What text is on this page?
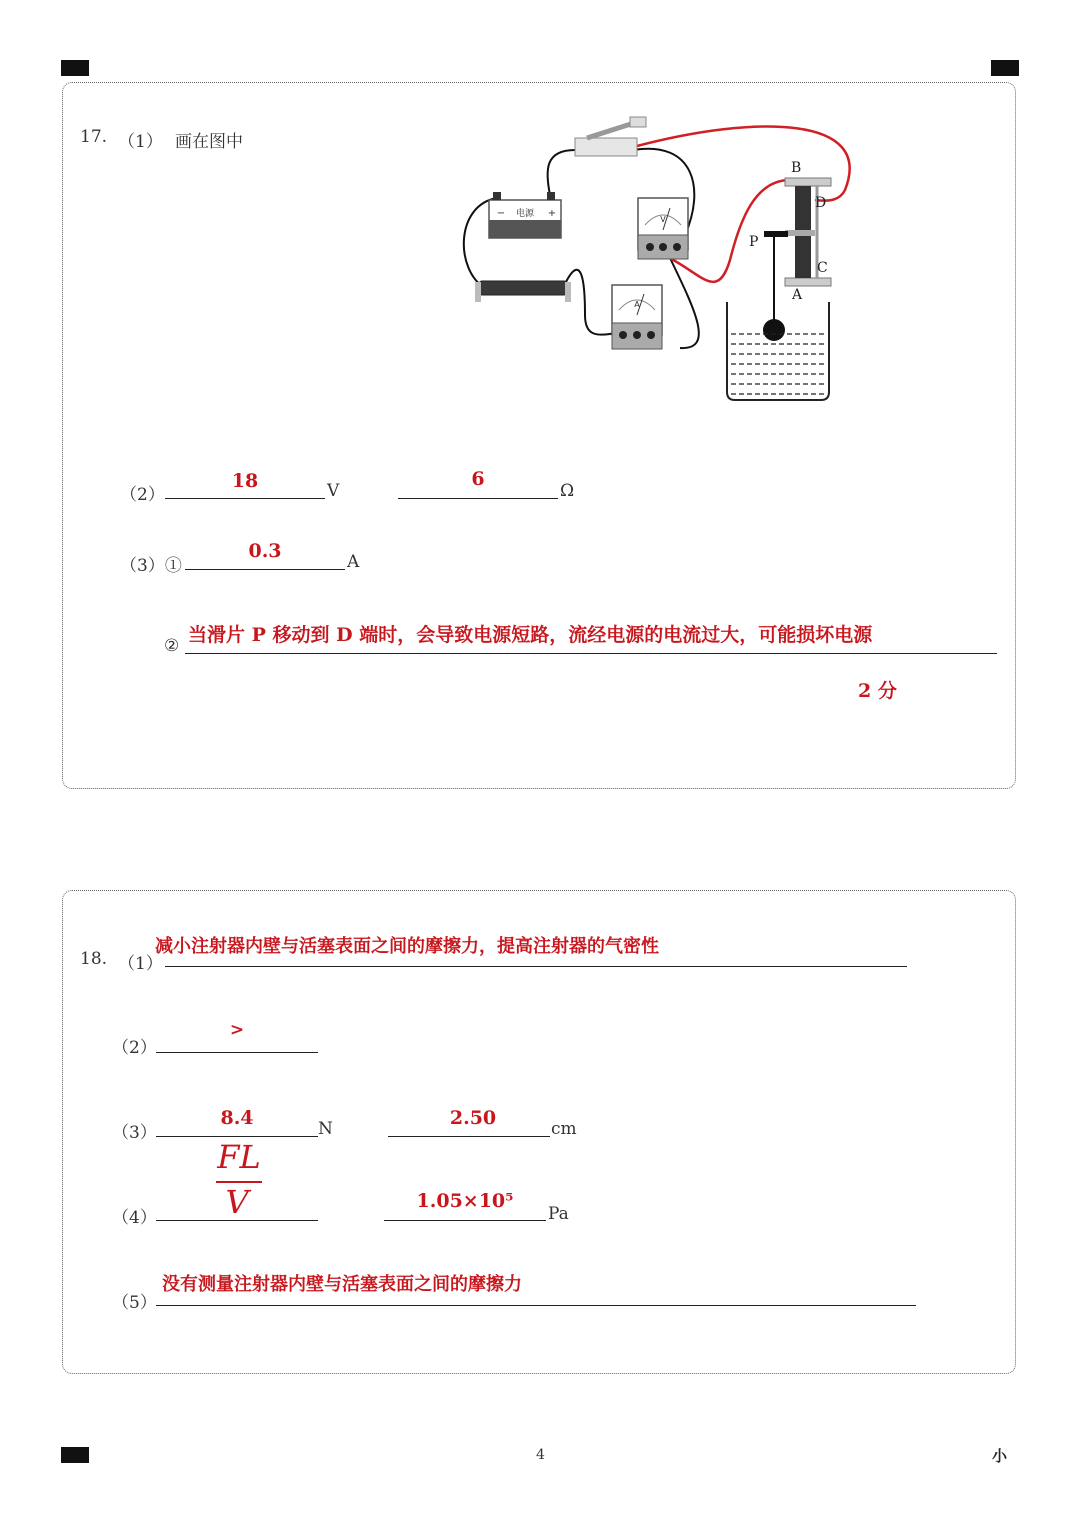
17. （1） 画在图中
电源
−	+
V
A
B
D
P
C
A
（2）
18	V
6
Ω
（3）①
0.3	A
② 当滑片 P 移动到 D 端时，会导致电源短路，流经电源的电流过大，可能损坏电源
2 分
18. （1）
减小注射器内壁与活塞表面之间的摩擦力，提高注射器的气密性
（2）
>
（3）
8.4	N	2.50	cm
（4）
FL
V	1.05×10⁵
Pa
（5）
没有测量注射器内壁与活塞表面之间的摩擦力
4	小
